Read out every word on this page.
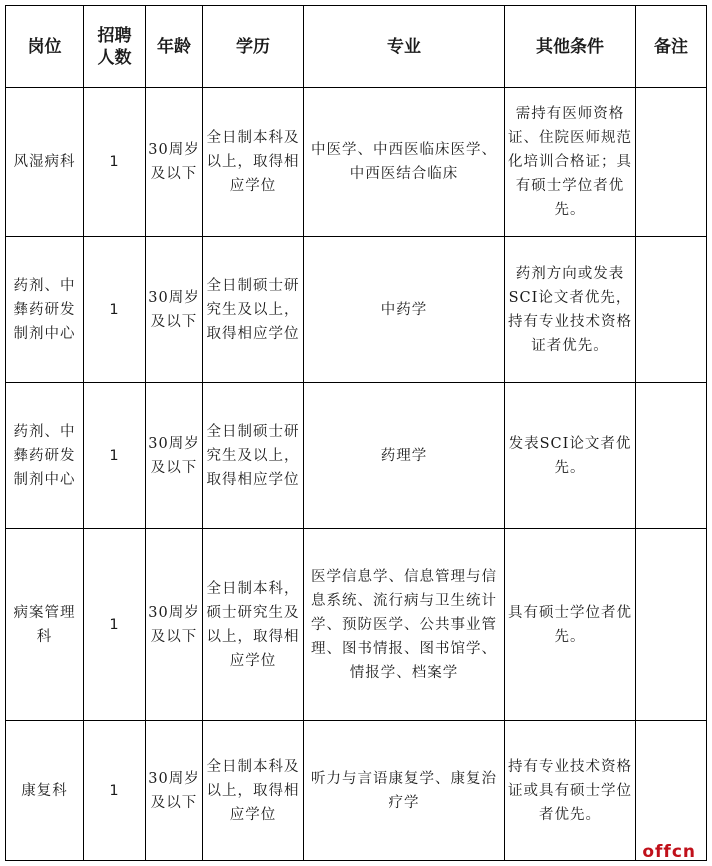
岗位	招聘人数	年龄	学历	专业	其他条件	备注
风湿病科	1	30周岁及以下	全日制本科及以上，取得相应学位	中医学、中西医临床医学、中西医结合临床	需持有医师资格证、住院医师规范化培训合格证；具有硕士学位者优先。	
药剂、中彝药研发制剂中心	1	30周岁及以下	全日制硕士研究生及以上，取得相应学位	中药学	药剂方向或发表SCI论文者优先，持有专业技术资格证者优先。	
药剂、中彝药研发制剂中心	1	30周岁及以下	全日制硕士研究生及以上，取得相应学位	药理学	发表SCI论文者优先。	
病案管理科	1	30周岁及以下	全日制本科，硕士研究生及以上，取得相应学位	医学信息学、信息管理与信息系统、流行病与卫生统计学、预防医学、公共事业管理、图书情报、图书馆学、情报学、档案学	具有硕士学位者优先。	
康复科	1	30周岁及以下	全日制本科及以上，取得相应学位	听力与言语康复学、康复治疗学	持有专业技术资格证或具有硕士学位者优先。	
offcn
